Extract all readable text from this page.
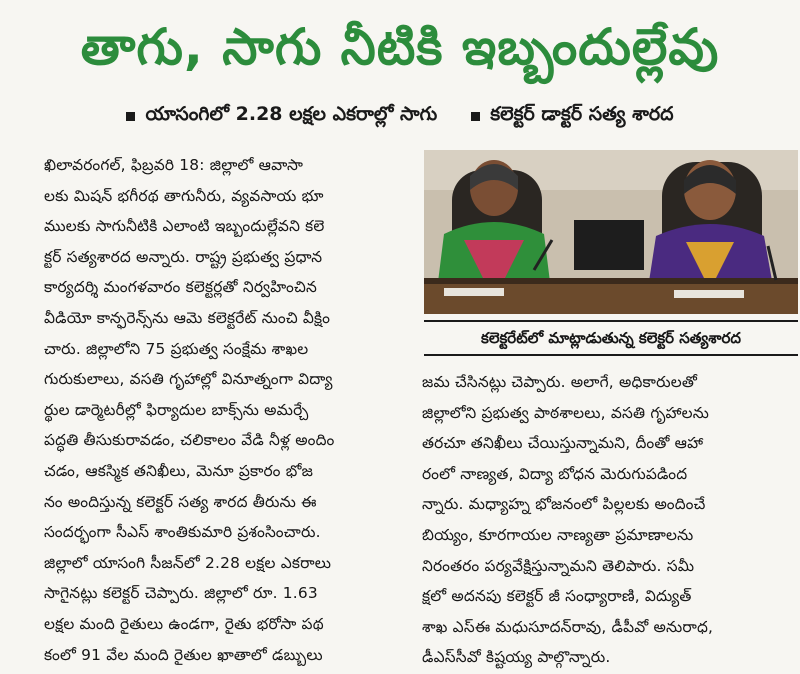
తాగు, సాగు నీటికి ఇబ్బందుల్లేవు
యాసంగిలో 2.28 లక్షల ఎకరాల్లో సాగు	కలెక్టర్ డాక్టర్ సత్య శారద
ఖిలావరంగల్, ఫిబ్రవరి 18: జిల్లాలో ఆవాసా
లకు మిషన్ భగీరథ తాగునీరు, వ్యవసాయ భూ
ములకు సాగునీటికి ఎలాంటి ఇబ్బందుల్లేవని కలె
క్టర్ సత్యశారద అన్నారు. రాష్ట్ర ప్రభుత్వ ప్రధాన
కార్యదర్శి మంగళవారం కలెక్టర్లతో నిర్వహించిన
వీడియో కాన్ఫరెన్స్‌ను ఆమె కలెక్టరేట్ నుంచి వీక్షిం
చారు. జిల్లాలోని 75 ప్రభుత్వ సంక్షేమ శాఖల
గురుకులాలు, వసతి గృహాల్లో వినూత్నంగా విద్యా
ర్థుల డార్మెటరీల్లో ఫిర్యాదుల బాక్స్‌ను అమర్చే
పద్ధతి తీసుకురావడం, చలికాలం వేడి నీళ్ల అందిం
చడం, ఆకస్మిక తనిఖీలు, మెనూ ప్రకారం భోజ
నం అందిస్తున్న కలెక్టర్ సత్య శారద తీరును ఈ
సందర్భంగా సీఎస్ శాంతికుమారి ప్రశంసించారు.
జిల్లాలో యాసంగి సీజన్‌లో 2.28 లక్షల ఎకరాలు
సాగైనట్లు కలెక్టర్ చెప్పారు. జిల్లాలో రూ. 1.63
లక్షల మంది రైతులు ఉండగా, రైతు భరోసా పథ
కంలో 91 వేల మంది రైతుల ఖాతాలో డబ్బులు
కలెక్టరేట్‌లో మాట్లాడుతున్న కలెక్టర్ సత్యశారద
జమ చేసినట్లు చెప్పారు. అలాగే, అధికారులతో
జిల్లాలోని ప్రభుత్వ పాఠశాలలు, వసతి గృహాలను
తరచూ తనిఖీలు చేయిస్తున్నామని, దీంతో ఆహా
రంలో నాణ్యత, విద్యా బోధన మెరుగుపడింద
న్నారు. మధ్యాహ్న భోజనంలో పిల్లలకు అందించే
బియ్యం, కూరగాయల నాణ్యతా ప్రమాణాలను
నిరంతరం పర్యవేక్షిస్తున్నామని తెలిపారు. సమీ
క్షలో అదనపు కలెక్టర్ జీ సంధ్యారాణి, విద్యుత్
శాఖ ఎస్ఈ మధుసూదన్‌రావు, డీపీవో అనురాధ,
డీఎస్‌సీవో కిష్టయ్య పాల్గొన్నారు.
